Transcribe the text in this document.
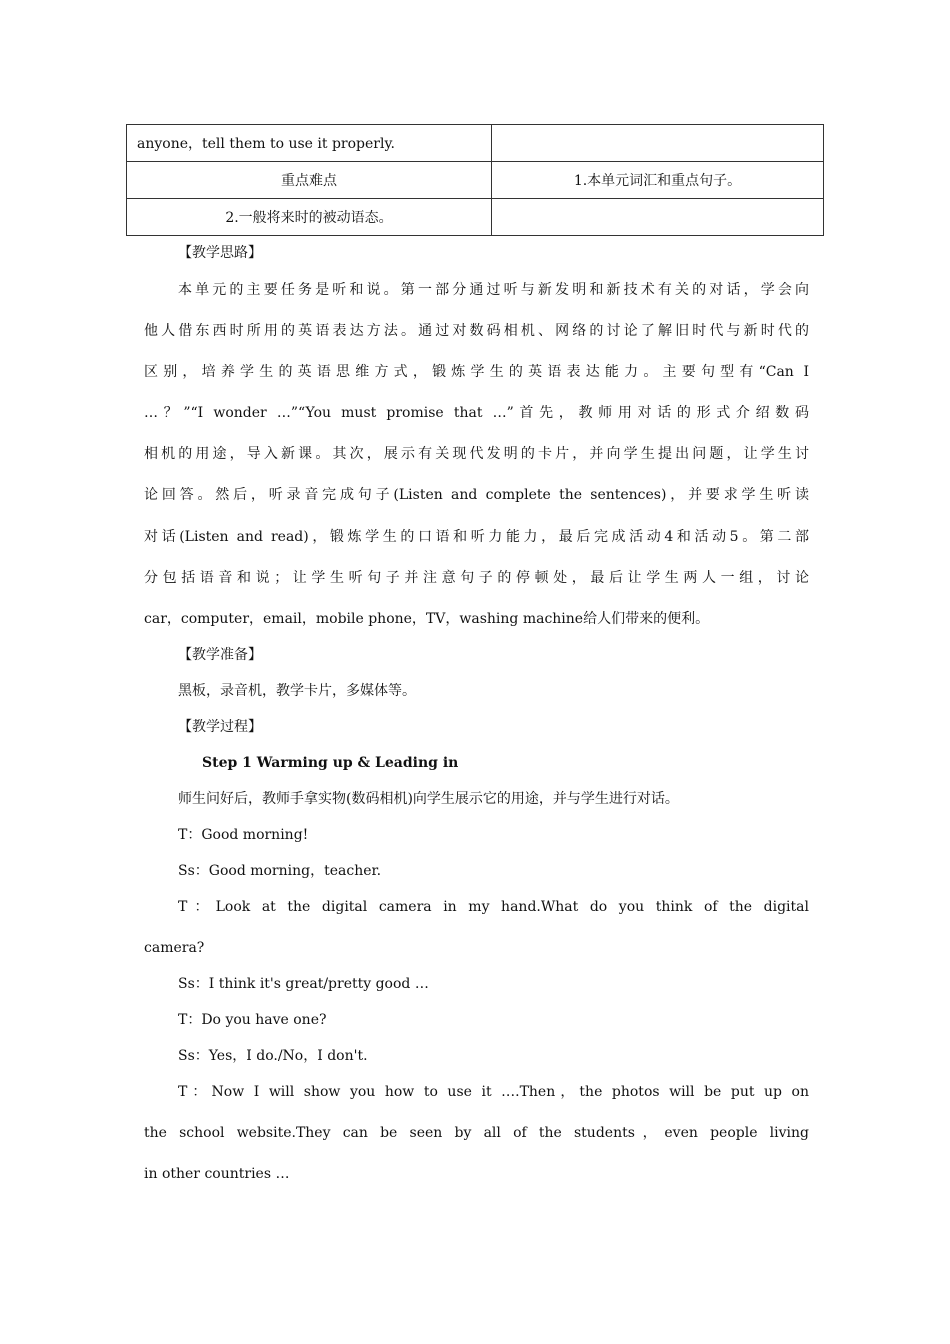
anyone，tell them to use it properly.	
重点难点	1.本单元词汇和重点句子。
2.一般将来时的被动语态。	
【教学思路】
本单元的主要任务是听和说。第一部分通过听与新发明和新技术有关的对话，学会向
他人借东西时所用的英语表达方法。通过对数码相机、网络的讨论了解旧时代与新时代的
区别，培养学生的英语思维方式，锻炼学生的英语表达能力。主要句型有“Can I
…？”“I wonder …”“You must promise that …”首先，教师用对话的形式介绍数码
相机的用途，导入新课。其次，展示有关现代发明的卡片，并向学生提出问题，让学生讨
论回答。然后，听录音完成句子(Listen and complete the sentences)，并要求学生听读
对话(Listen and read)，锻炼学生的口语和听力能力，最后完成活动4和活动5。第二部
分包括语音和说；让学生听句子并注意句子的停顿处，最后让学生两人一组，讨论
car，computer，email，mobile phone，TV，washing machine给人们带来的便利。
【教学准备】
黑板，录音机，教学卡片，多媒体等。
【教学过程】
Step 1 Warming up & Leading in
师生问好后，教师手拿实物(数码相机)向学生展示它的用途，并与学生进行对话。
T：Good morning!
Ss：Good morning，teacher.
T：Look at the digital camera in my hand.What do you think of the digital
camera?
Ss：I think it's great/pretty good …
T：Do you have one?
Ss：Yes，I do./No，I don't.
T：Now I will show you how to use it ….Then，the photos will be put up on
the school website.They can be seen by all of the students，even people living
in other countries …
